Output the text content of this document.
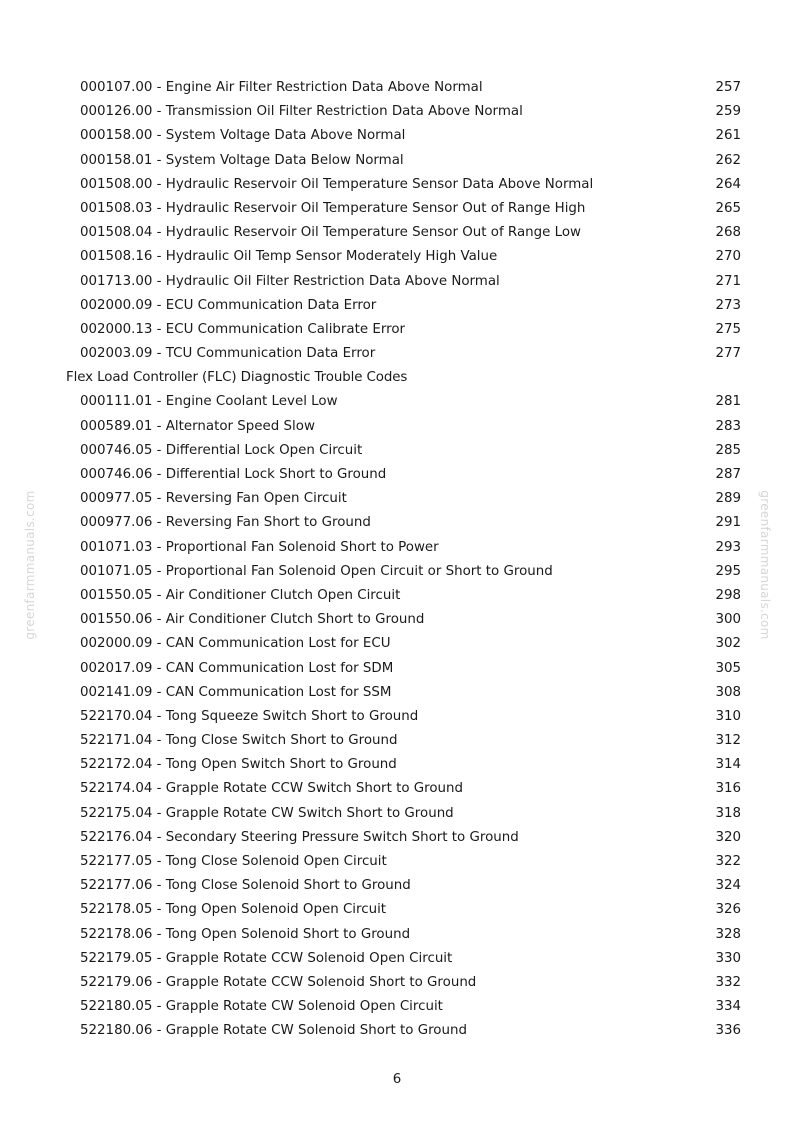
greenfarmmanuals.com	greenfarmmanuals.com
000107.00 - Engine Air Filter Restriction Data Above Normal	257
000126.00 - Transmission Oil Filter Restriction Data Above Normal	259
000158.00 - System Voltage Data Above Normal	261
000158.01 - System Voltage Data Below Normal	262
001508.00 - Hydraulic Reservoir Oil Temperature Sensor Data Above Normal	264
001508.03 - Hydraulic Reservoir Oil Temperature Sensor Out of Range High	265
001508.04 - Hydraulic Reservoir Oil Temperature Sensor Out of Range Low	268
001508.16 - Hydraulic Oil Temp Sensor Moderately High Value	270
001713.00 - Hydraulic Oil Filter Restriction Data Above Normal	271
002000.09 - ECU Communication Data Error	273
002000.13 - ECU Communication Calibrate Error	275
002003.09 - TCU Communication Data Error	277
Flex Load Controller (FLC) Diagnostic Trouble Codes
000111.01 - Engine Coolant Level Low	281
000589.01 - Alternator Speed Slow	283
000746.05 - Differential Lock Open Circuit	285
000746.06 - Differential Lock Short to Ground	287
000977.05 - Reversing Fan Open Circuit	289
000977.06 - Reversing Fan Short to Ground	291
001071.03 - Proportional Fan Solenoid Short to Power	293
001071.05 - Proportional Fan Solenoid Open Circuit or Short to Ground	295
001550.05 - Air Conditioner Clutch Open Circuit	298
001550.06 - Air Conditioner Clutch Short to Ground	300
002000.09 - CAN Communication Lost for ECU	302
002017.09 - CAN Communication Lost for SDM	305
002141.09 - CAN Communication Lost for SSM	308
522170.04 - Tong Squeeze Switch Short to Ground	310
522171.04 - Tong Close Switch Short to Ground	312
522172.04 - Tong Open Switch Short to Ground	314
522174.04 - Grapple Rotate CCW Switch Short to Ground	316
522175.04 - Grapple Rotate CW Switch Short to Ground	318
522176.04 - Secondary Steering Pressure Switch Short to Ground	320
522177.05 - Tong Close Solenoid Open Circuit	322
522177.06 - Tong Close Solenoid Short to Ground	324
522178.05 - Tong Open Solenoid Open Circuit	326
522178.06 - Tong Open Solenoid Short to Ground	328
522179.05 - Grapple Rotate CCW Solenoid Open Circuit	330
522179.06 - Grapple Rotate CCW Solenoid Short to Ground	332
522180.05 - Grapple Rotate CW Solenoid Open Circuit	334
522180.06 - Grapple Rotate CW Solenoid Short to Ground	336
6
